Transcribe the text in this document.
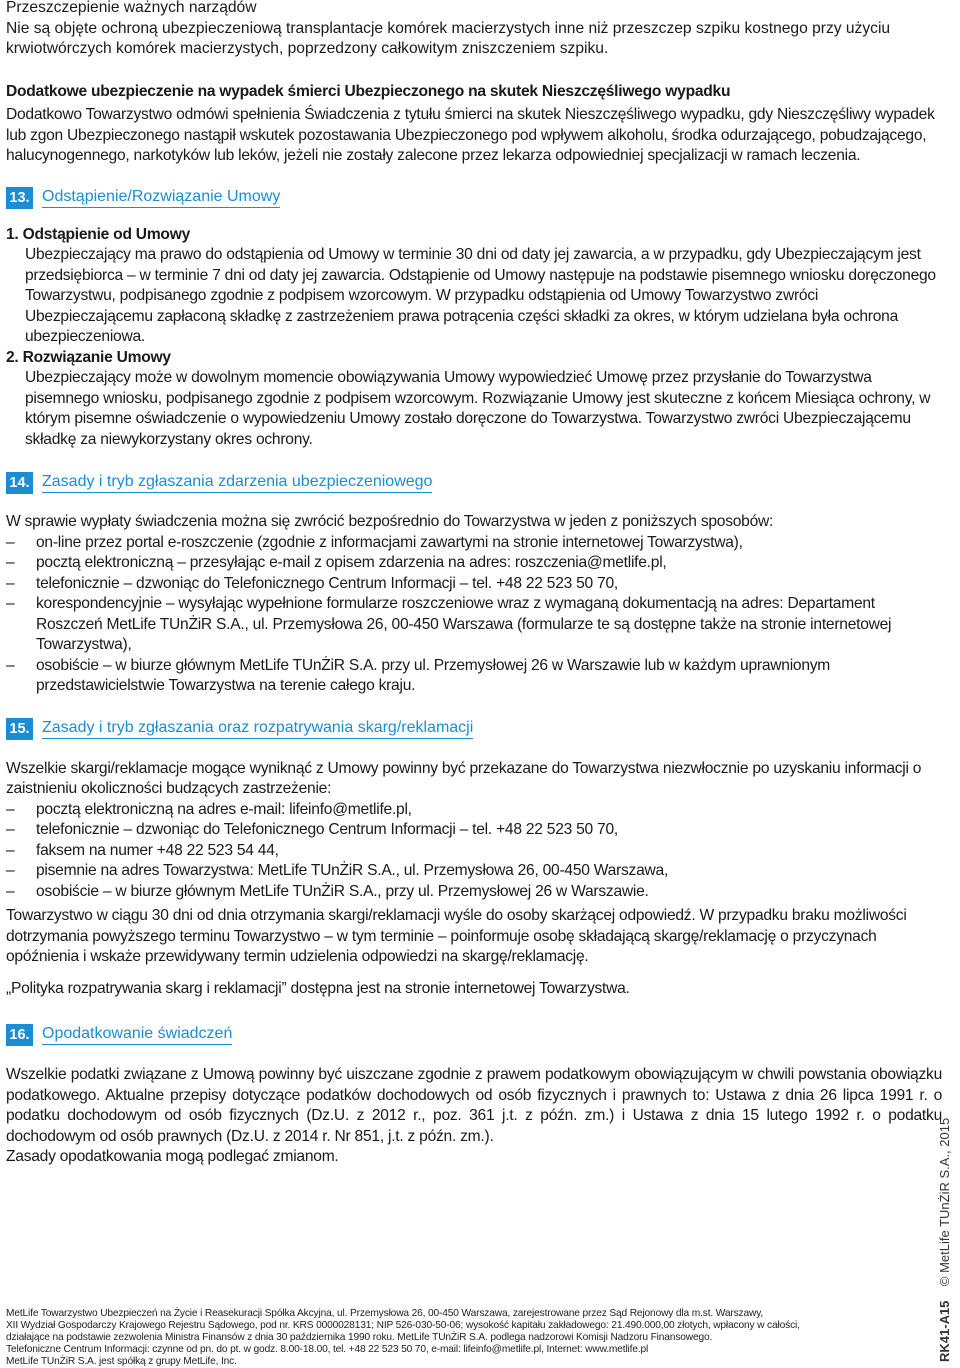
Przeszczepienie ważnych narządów

Nie są objęte ochroną ubezpieczeniową transplantacje komórek macierzystych inne niż przeszczep szpiku kostnego przy użyciu krwiotwórczych komórek macierzystych, poprzedzony całkowitym zniszczeniem szpiku.

Dodatkowe ubezpieczenie na wypadek śmierci Ubezpieczonego na skutek Nieszczęśliwego wypadku

Dodatkowo Towarzystwo odmówi spełnienia Świadczenia z tytułu śmierci na skutek Nieszczęśliwego wypadku, gdy Nieszczęśliwy wypadek lub zgon Ubezpieczonego nastąpił wskutek pozostawania Ubezpieczonego pod wpływem alkoholu, środka odurzającego, pobudzającego, halucynogennego, narkotyków lub leków, jeżeli nie zostały zalecone przez lekarza odpowiedniej specjalizacji w ramach leczenia.

13. Odstąpienie/Rozwiązanie Umowy

1. Odstąpienie od Umowy

Ubezpieczający ma prawo do odstąpienia od Umowy w terminie 30 dni od daty jej zawarcia, a w przypadku, gdy Ubezpieczającym jest przedsiębiorca – w terminie 7 dni od daty jej zawarcia. Odstąpienie od Umowy następuje na podstawie pisemnego wniosku doręczonego Towarzystwu, podpisanego zgodnie z podpisem wzorcowym. W przypadku odstąpienia od Umowy Towarzystwo zwróci Ubezpieczającemu zapłaconą składkę z zastrzeżeniem prawa potrącenia części składki za okres, w którym udzielana była ochrona ubezpieczeniowa.

2. Rozwiązanie Umowy

Ubezpieczający może w dowolnym momencie obowiązywania Umowy wypowiedzieć Umowę przez przysłanie do Towarzystwa pisemnego wniosku, podpisanego zgodnie z podpisem wzorcowym. Rozwiązanie Umowy jest skuteczne z końcem Miesiąca ochrony, w którym pisemne oświadczenie o wypowiedzeniu Umowy zostało doręczone do Towarzystwa. Towarzystwo zwróci Ubezpieczającemu składkę za niewykorzystany okres ochrony.

14. Zasady i tryb zgłaszania zdarzenia ubezpieczeniowego

W sprawie wypłaty świadczenia można się zwrócić bezpośrednio do Towarzystwa w jeden z poniższych sposobów:

– on-line przez portal e-roszczenie (zgodnie z informacjami zawartymi na stronie internetowej Towarzystwa),
– pocztą elektroniczną – przesyłając e-mail z opisem zdarzenia na adres: roszczenia@metlife.pl,
– telefonicznie – dzwoniąc do Telefonicznego Centrum Informacji – tel. +48 22 523 50 70,
– korespondencyjnie – wysyłając wypełnione formularze roszczeniowe wraz z wymaganą dokumentacją na adres: Departament Roszczeń MetLife TUnŻiR S.A., ul. Przemysłowa 26, 00-450 Warszawa (formularze te są dostępne także na stronie internetowej Towarzystwa),
– osobiście – w biurze głównym MetLife TUnŻiR S.A. przy ul. Przemysłowej 26 w Warszawie lub w każdym uprawnionym przedstawicielstwie Towarzystwa na terenie całego kraju.
15. Zasady i tryb zgłaszania oraz rozpatrywania skarg/reklamacji

Wszelkie skargi/reklamacje mogące wyniknąć z Umowy powinny być przekazane do Towarzystwa niezwłocznie po uzyskaniu informacji o zaistnieniu okoliczności budzących zastrzeżenie:

– pocztą elektroniczną na adres e-mail: lifeinfo@metlife.pl,
– telefonicznie – dzwoniąc do Telefonicznego Centrum Informacji – tel. +48 22 523 50 70,
– faksem na numer +48 22 523 54 44,
– pisemnie na adres Towarzystwa: MetLife TUnŻiR S.A., ul. Przemysłowa 26, 00-450 Warszawa,
– osobiście – w biurze głównym MetLife TUnŻiR S.A., przy ul. Przemysłowej 26 w Warszawie.

Towarzystwo w ciągu 30 dni od dnia otrzymania skargi/reklamacji wyśle do osoby skarżącej odpowiedź. W przypadku braku możliwości dotrzymania powyższego terminu Towarzystwo – w tym terminie – poinformuje osobę składającą skargę/reklamację o przyczynach opóźnienia i wskaże przewidywany termin udzielenia odpowiedzi na skargę/reklamację.

„Polityka rozpatrywania skarg i reklamacji” dostępna jest na stronie internetowej Towarzystwa.

16. Opodatkowanie świadczeń

Wszelkie podatki związane z Umową powinny być uiszczane zgodnie z prawem podatkowym obowiązującym w chwili powstania obowiązku podatkowego. Aktualne przepisy dotyczące podatków dochodowych od osób fizycznych i prawnych to: Ustawa z dnia 26 lipca 1991 r. o podatku dochodowym od osób fizycznych (Dz.U. z 2012 r., poz. 361 j.t. z późn. zm.) i Ustawa z dnia 15 lutego 1992 r. o podatku dochodowym od osób prawnych (Dz.U. z 2014 r. Nr 851, j.t. z późn. zm.).

Zasady opodatkowania mogą podlegać zmianom.

MetLife Towarzystwo Ubezpieczeń na Życie i Reasekuracji Spółka Akcyjna, ul. Przemysłowa 26, 00-450 Warszawa, zarejestrowane przez Sąd Rejonowy dla m.st. Warszawy,
XII Wydział Gospodarczy Krajowego Rejestru Sądowego, pod nr. KRS 0000028131; NIP 526-030-50-06; wysokość kapitału zakładowego: 21.490.000,00 złotych, wpłacony w całości,
działające na podstawie zezwolenia Ministra Finansów z dnia 30 października 1990 roku. MetLife TUnŻiR S.A. podlega nadzorowi Komisji Nadzoru Finansowego.
Telefoniczne Centrum Informacji: czynne od pn. do pt. w godz. 8.00-18.00, tel. +48 22 523 50 70, e-mail: lifeinfo@metlife.pl, Internet: www.metlife.pl
MetLife TUnŻiR S.A. jest spółką z grupy MetLife, Inc.	RK41-A15    © MetLife TUnŻiR S.A., 2015
